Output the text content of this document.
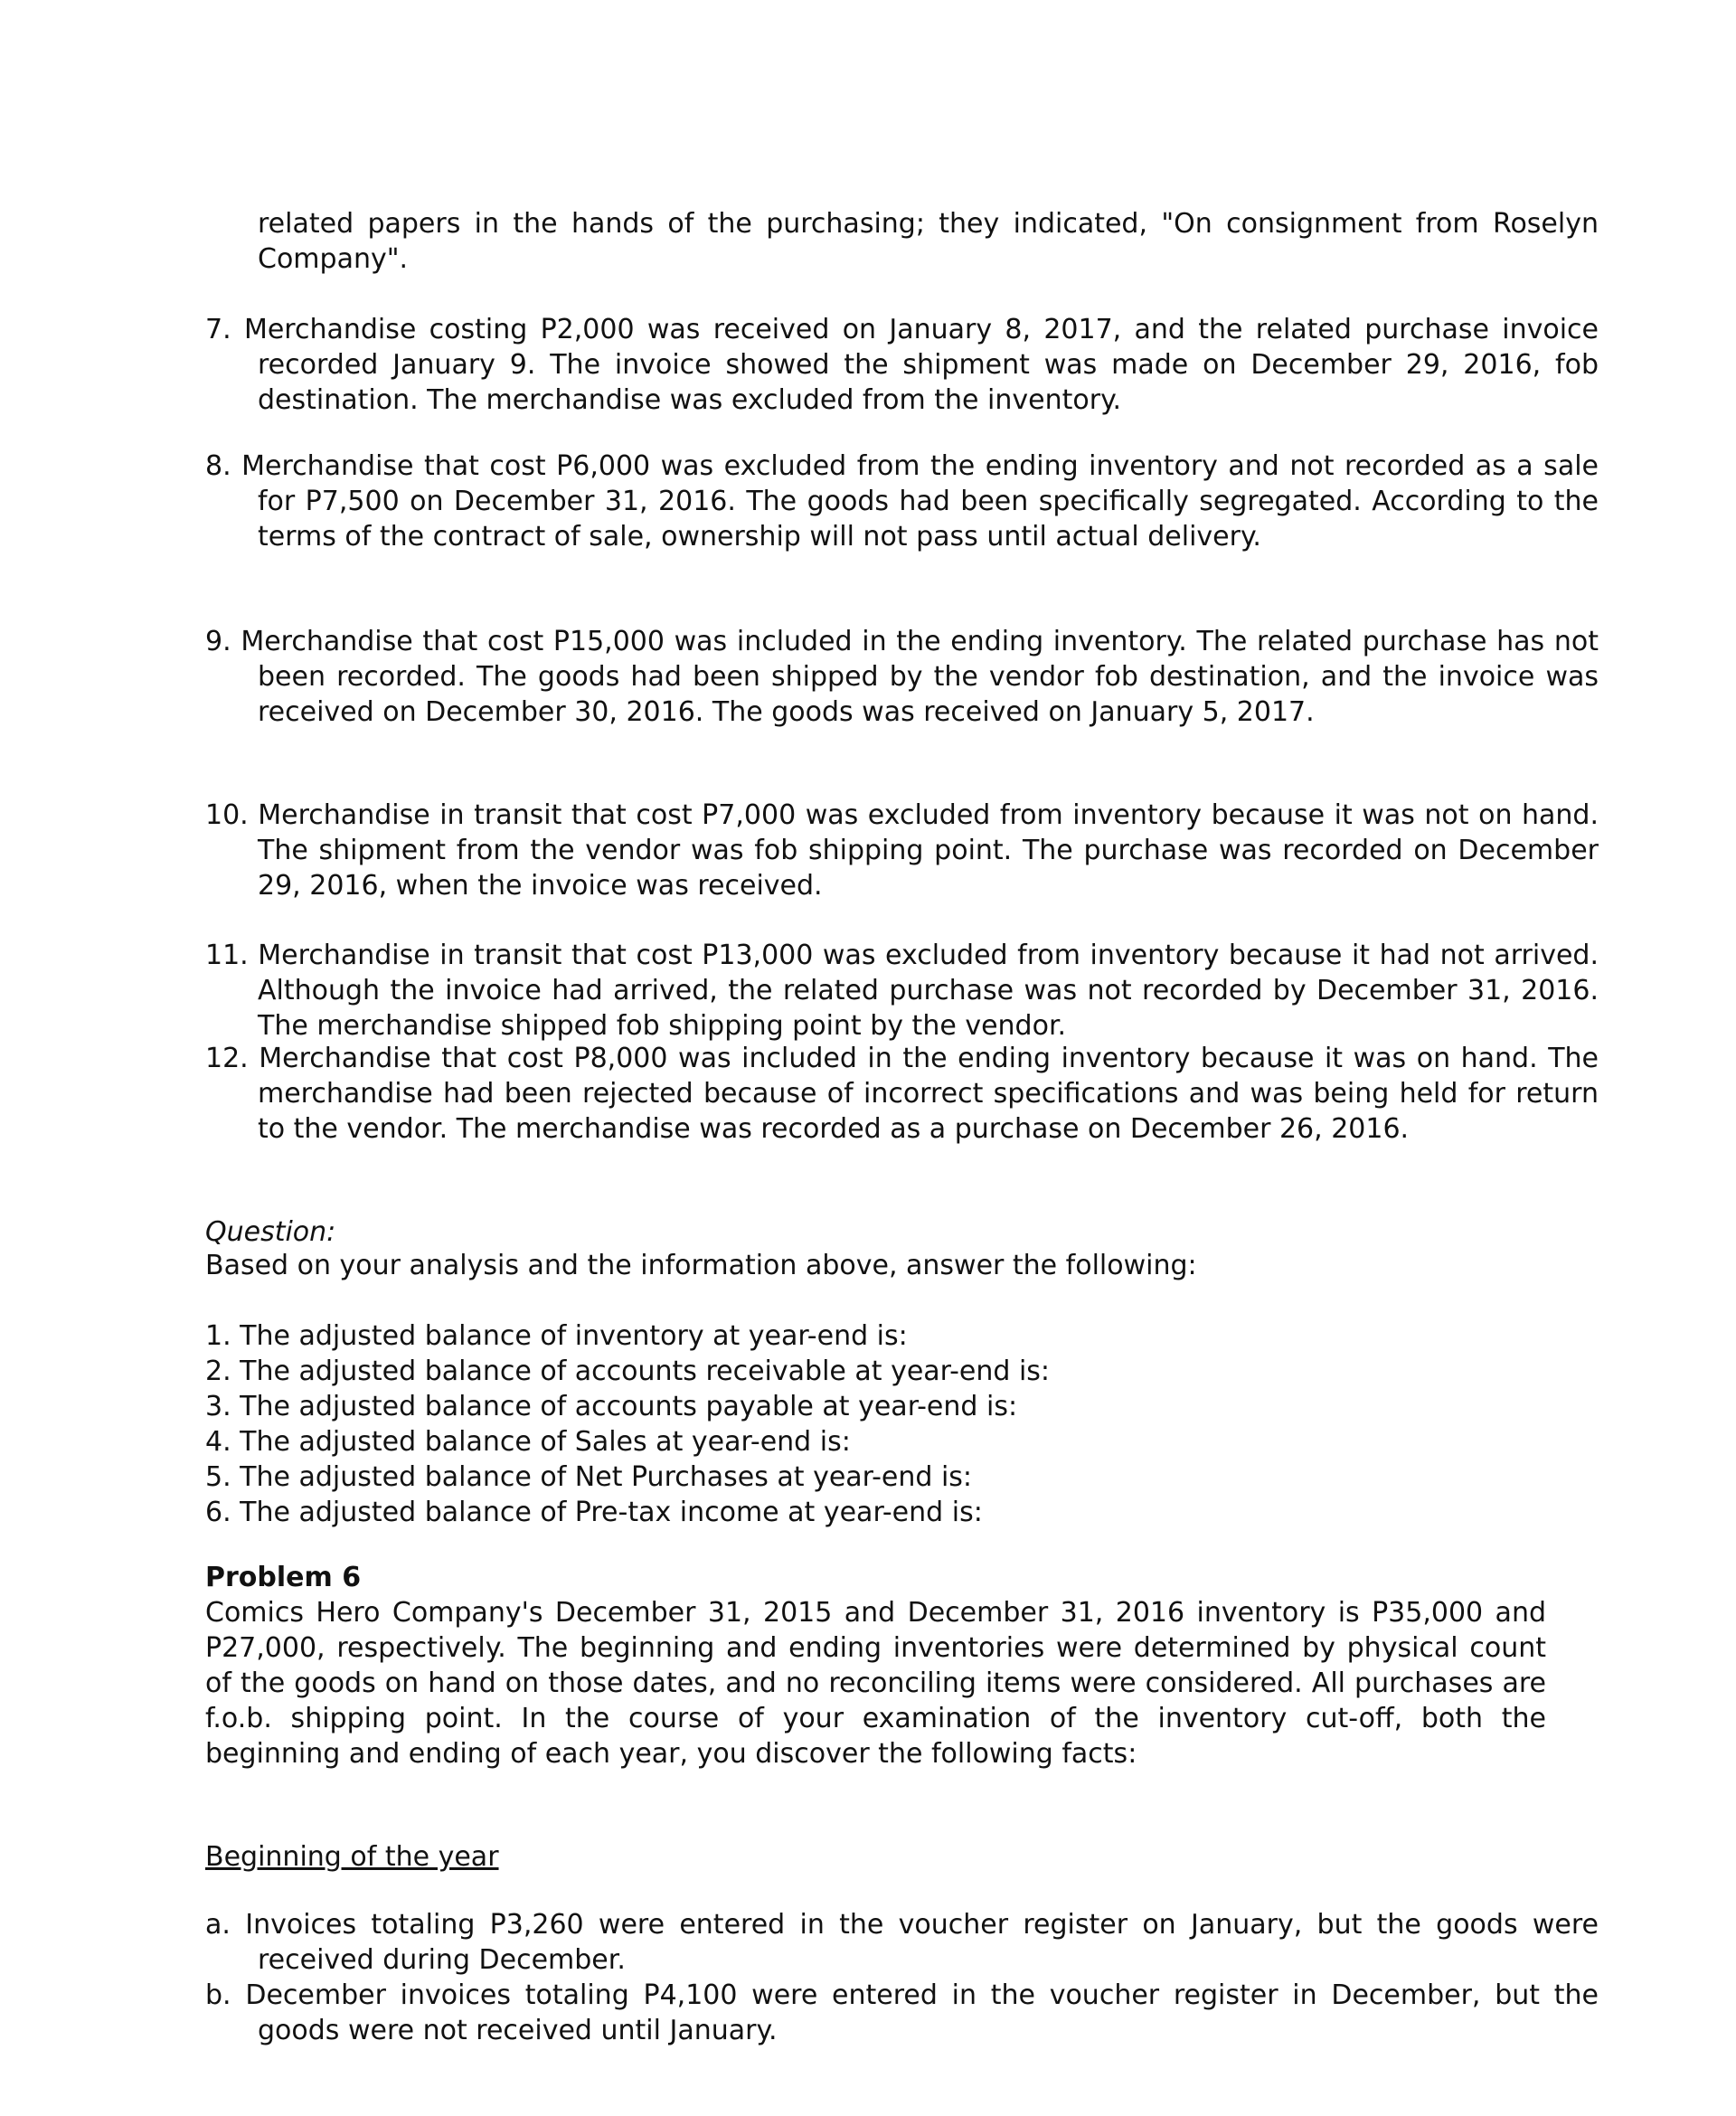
related papers in the hands of the purchasing; they indicated, "On consignment from Roselyn Company".

7. Merchandise costing P2,000 was received on January 8, 2017, and the related purchase invoice recorded January 9. The invoice showed the shipment was made on December 29, 2016, fob destination. The merchandise was excluded from the inventory.

8. Merchandise that cost P6,000 was excluded from the ending inventory and not recorded as a sale for P7,500 on December 31, 2016. The goods had been specifically segregated. According to the terms of the contract of sale, ownership will not pass until actual delivery.

9. Merchandise that cost P15,000 was included in the ending inventory. The related purchase has not been recorded. The goods had been shipped by the vendor fob destination, and the invoice was received on December 30, 2016. The goods was received on January 5, 2017.

10. Merchandise in transit that cost P7,000 was excluded from inventory because it was not on hand. The shipment from the vendor was fob shipping point. The purchase was recorded on December 29, 2016, when the invoice was received.

11. Merchandise in transit that cost P13,000 was excluded from inventory because it had not arrived. Although the invoice had arrived, the related purchase was not recorded by December 31, 2016. The merchandise shipped fob shipping point by the vendor.

12. Merchandise that cost P8,000 was included in the ending inventory because it was on hand. The merchandise had been rejected because of incorrect specifications and was being held for return to the vendor. The merchandise was recorded as a purchase on December 26, 2016.

Question:
Based on your analysis and the information above, answer the following:
1. The adjusted balance of inventory at year-end is:
2. The adjusted balance of accounts receivable at year-end is:
3. The adjusted balance of accounts payable at year-end is:
4. The adjusted balance of Sales at year-end is:
5. The adjusted balance of Net Purchases at year-end is:
6. The adjusted balance of Pre-tax income at year-end is:
Problem 6

Comics Hero Company's December 31, 2015 and December 31, 2016 inventory is P35,000 and P27,000, respectively. The beginning and ending inventories were determined by physical count of the goods on hand on those dates, and no reconciling items were considered. All purchases are f.o.b. shipping point. In the course of your examination of the inventory cut-off, both the beginning and ending of each year, you discover the following facts:

Beginning of the year

a. Invoices totaling P3,260 were entered in the voucher register on January, but the goods were received during December.

b. December invoices totaling P4,100 were entered in the voucher register in December, but the goods were not received until January.
